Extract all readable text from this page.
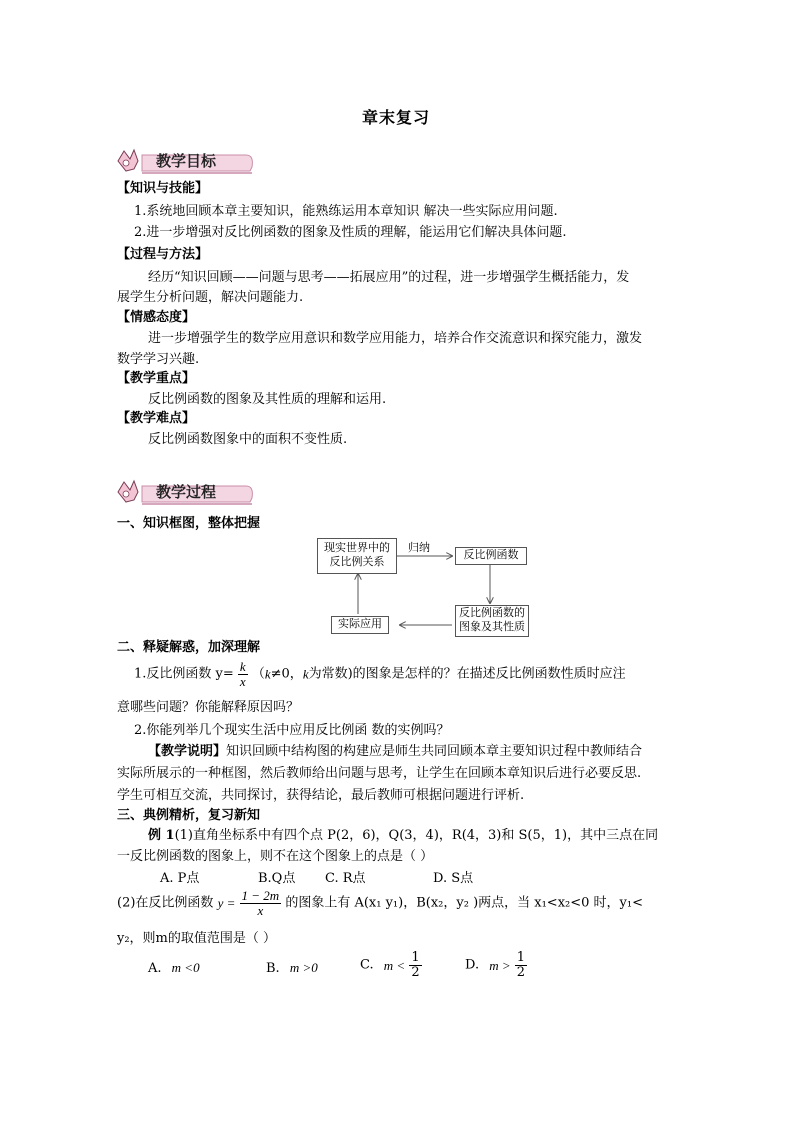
章末复习
教学目标
【知识与技能】
1.系统地回顾本章主要知识，能熟练运用本章知识 解决一些实际应用问题.
2.进一步增强对反比例函数的图象及性质的理解，能运用它们解决具体问题.
【过程与方法】
经历“知识回顾——问题与思考——拓展应用”的过程，进一步增强学生概括能力，发
展学生分析问题，解决问题能力.
【情感态度】
进一步增强学生的数学应用意识和数学应用能力，培养合作交流意识和探究能力，激发
数学学习兴趣.
【教学重点】
反比例函数的图象及其性质的理解和运用.
【教学难点】
反比例函数图象中的面积不变性质.
教学过程
一、知识框图，整体把握
现实世界中的
反比例关系
归纳
反比例函数
反比例函数的
图象及其性质
实际应用
二、释疑解惑，加深理解
1.反比例函数 $y= \frac{k}{x} (k\ne 0$，k为常数)的图象是怎样的？在描述反比例函数性质时应注
意哪些问题？你能解释原因吗？
2.你能列举几个现实生活中应用反比例函 数的实例吗？
【教学说明】知识回顾中结构图的构建应是师生共同回顾本章主要知识过程中教师结合
实际所展示的一种框图，然后教师给出问题与思考，让学生在回顾本章知识后进行必要反思.
学生可相互交流，共同探讨，获得结论，最后教师可根据问题进行评析.
三、典例精析，复习新知
例 1(1)直角坐标系中有四个点 P(2，6)，Q(3，4)，R(4，3)和 S(5，1)，其中三点在同
一反比例函数的图象上，则不在这个图象上的点是（ ）
A. P点	B.Q点 C. R点	D. S点
(2)在反比例函数 $y = \frac{1 - 2m}{x}$ 的图象上有 A(x₁ y₁)，B(x₂，y₂ )两点，当 x₁<x₂<0 时，y₁<
y₂，则m的取值范围是（ ）
A. m <0	B. m >0	C. $m < \frac{1}{2}$	D. $m > \frac{1}{2}$
